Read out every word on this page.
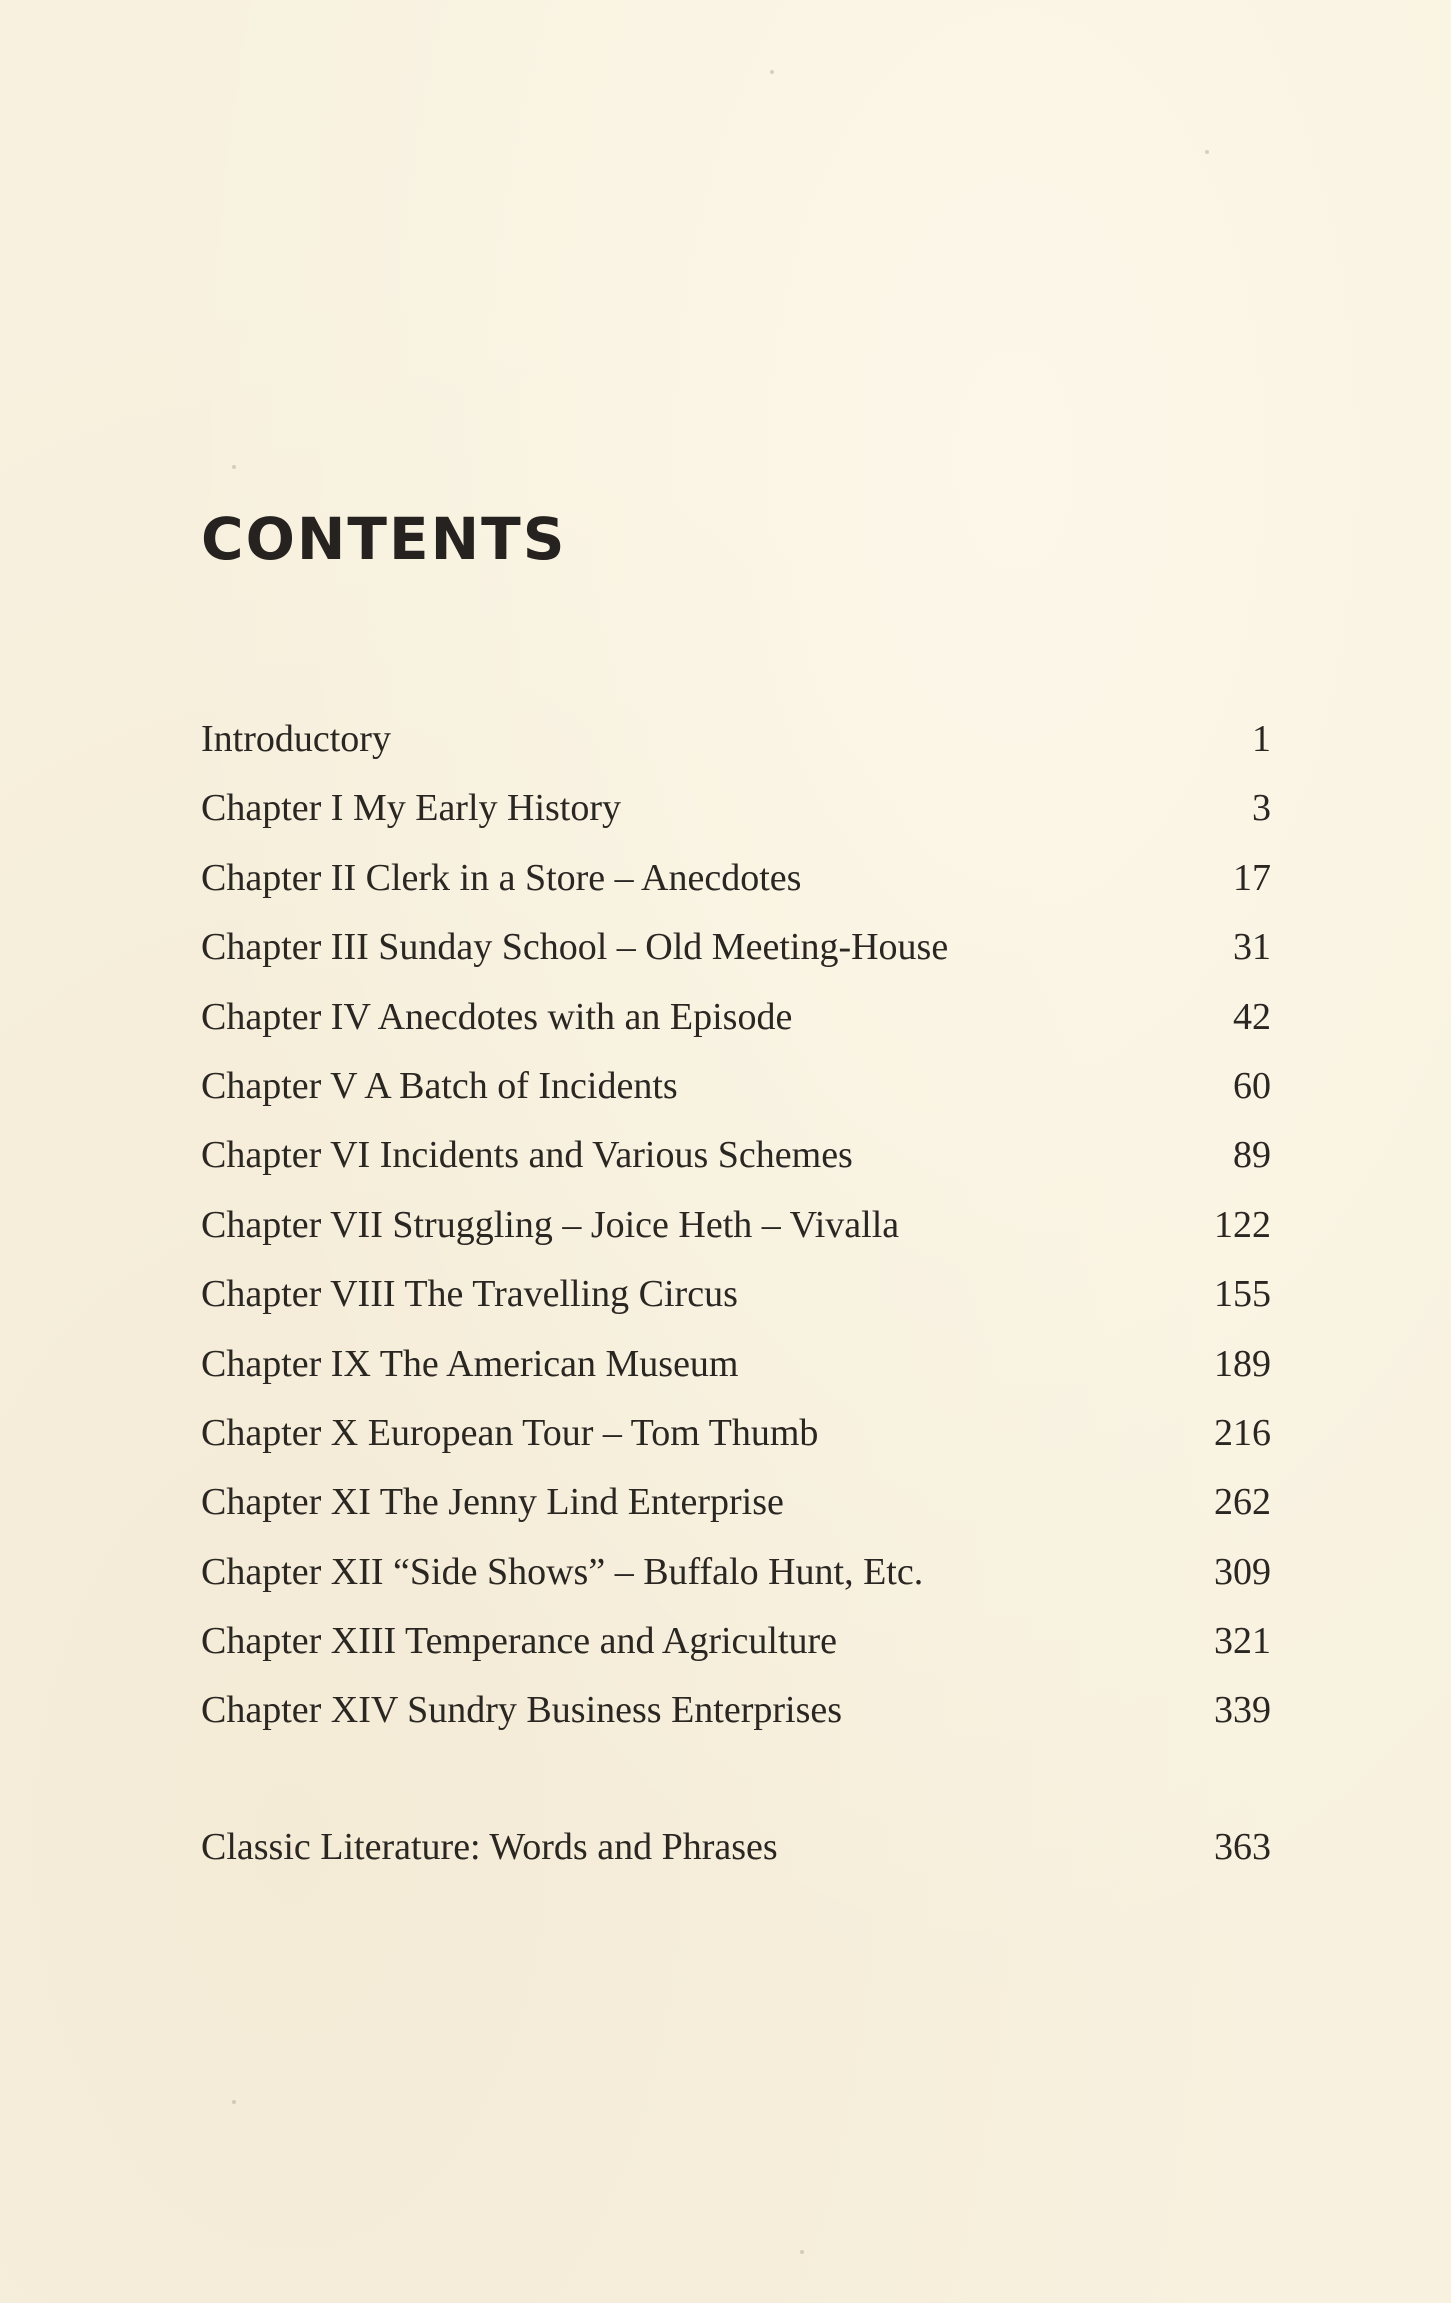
CONTENTS
Introductory	1
Chapter I My Early History	3
Chapter II Clerk in a Store – Anecdotes	17
Chapter III Sunday School – Old Meeting-House	31
Chapter IV Anecdotes with an Episode	42
Chapter V A Batch of Incidents	60
Chapter VI Incidents and Various Schemes	89
Chapter VII Struggling – Joice Heth – Vivalla	122
Chapter VIII The Travelling Circus	155
Chapter IX The American Museum	189
Chapter X European Tour – Tom Thumb	216
Chapter XI The Jenny Lind Enterprise	262
Chapter XII “Side Shows” – Buffalo Hunt, Etc.	309
Chapter XIII Temperance and Agriculture	321
Chapter XIV Sundry Business Enterprises	339
Classic Literature: Words and Phrases	363
